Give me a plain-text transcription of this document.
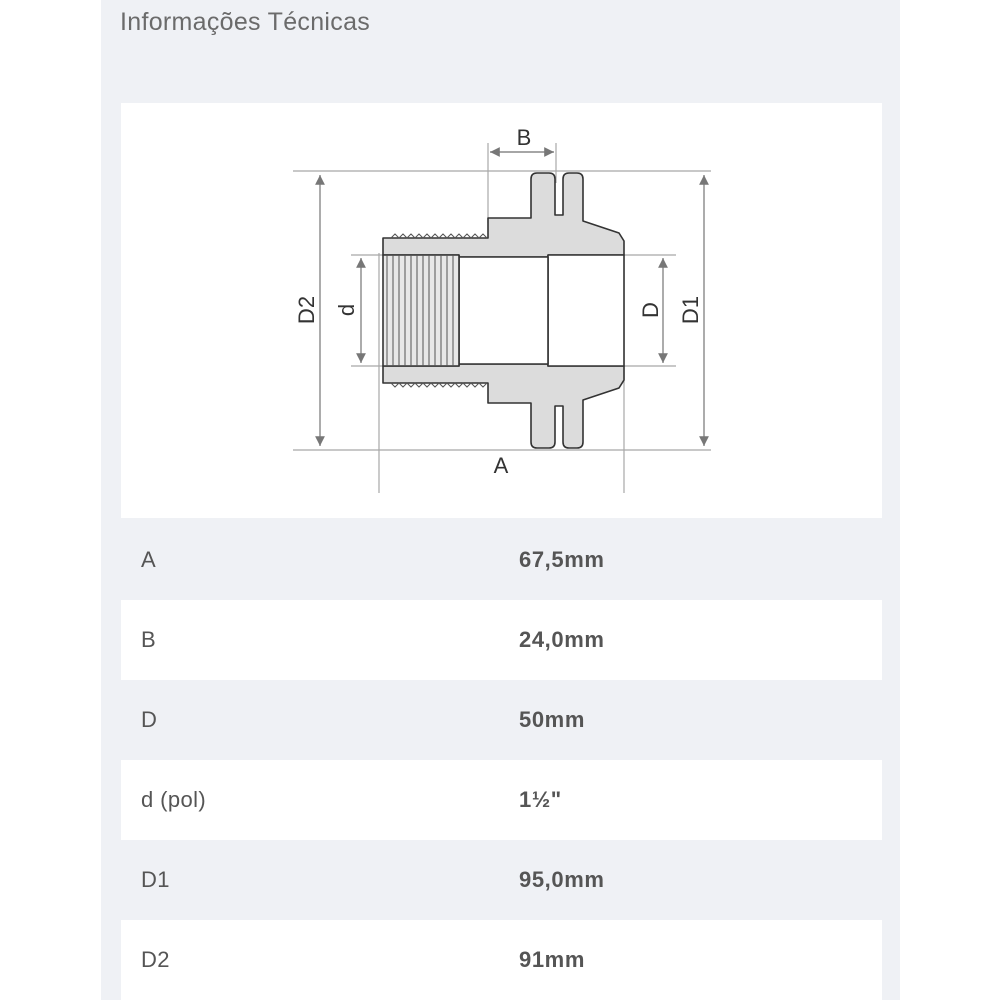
Informações Técnicas
B
A
D2 d	D D1
A	67,5mm
B	24,0mm
D	50mm
d (pol)	1½"
D1	95,0mm
D2	91mm
